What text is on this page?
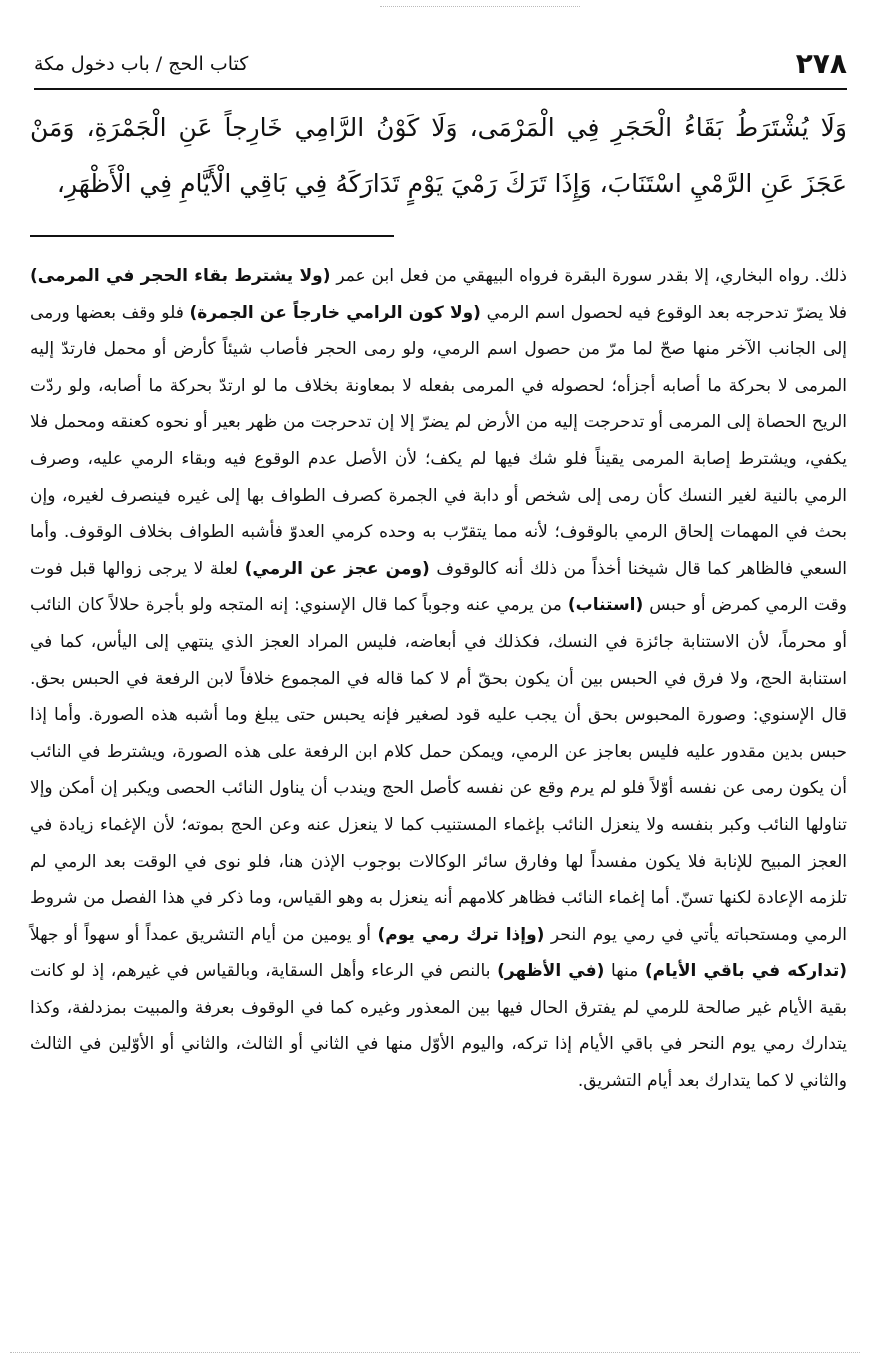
٢٧٨
كتاب الحج / باب دخول مكة
وَلَا يُشْتَرَطُ بَقَاءُ الْحَجَرِ فِي الْمَرْمَى، وَلَا كَوْنُ الرَّامِي خَارِجاً عَنِ الْجَمْرَةِ، وَمَنْ عَجَزَ عَنِ الرَّمْيِ اسْتَنَابَ، وَإِذَا تَرَكَ رَمْيَ يَوْمٍ تَدَارَكَهُ فِي بَاقِي الْأَيَّامِ فِي الْأَظْهَرِ،
ذلك. رواه البخاري، إلا بقدر سورة البقرة فرواه البيهقي من فعل ابن عمر (ولا يشترط بقاء الحجر في المرمى) فلا يضرّ تدحرجه بعد الوقوع فيه لحصول اسم الرمي (ولا كون الرامي خارجاً عن الجمرة) فلو وقف بعضها ورمى إلى الجانب الآخر منها صحّ لما مرّ من حصول اسم الرمي، ولو رمى الحجر فأصاب شيئاً كأرض أو محمل فارتدّ إليه المرمى لا بحركة ما أصابه أجزأه؛ لحصوله في المرمى بفعله لا بمعاونة بخلاف ما لو ارتدّ بحركة ما أصابه، ولو ردّت الريح الحصاة إلى المرمى أو تدحرجت إليه من الأرض لم يضرّ إلا إن تدحرجت من ظهر بعير أو نحوه كعنقه ومحمل فلا يكفي، ويشترط إصابة المرمى يقيناً فلو شك فيها لم يكف؛ لأن الأصل عدم الوقوع فيه وبقاء الرمي عليه، وصرف الرمي بالنية لغير النسك كأن رمى إلى شخص أو دابة في الجمرة كصرف الطواف بها إلى غيره فينصرف لغيره، وإن بحث في المهمات إلحاق الرمي بالوقوف؛ لأنه مما يتقرّب به وحده كرمي العدوّ فأشبه الطواف بخلاف الوقوف. وأما السعي فالظاهر كما قال شيخنا أخذاً من ذلك أنه كالوقوف (ومن عجز عن الرمي) لعلة لا يرجى زوالها قبل فوت وقت الرمي كمرض أو حبس (استناب) من يرمي عنه وجوباً كما قال الإسنوي: إنه المتجه ولو بأجرة حلالاً كان النائب أو محرماً، لأن الاستنابة جائزة في النسك، فكذلك في أبعاضه، فليس المراد العجز الذي ينتهي إلى اليأس، كما في استنابة الحج، ولا فرق في الحبس بين أن يكون بحقّ أم لا كما قاله في المجموع خلافاً لابن الرفعة في الحبس بحق. قال الإسنوي: وصورة المحبوس بحق أن يجب عليه قود لصغير فإنه يحبس حتى يبلغ وما أشبه هذه الصورة. وأما إذا حبس بدين مقدور عليه فليس بعاجز عن الرمي، ويمكن حمل كلام ابن الرفعة على هذه الصورة، ويشترط في النائب أن يكون رمى عن نفسه أوّلاً فلو لم يرم وقع عن نفسه كأصل الحج ويندب أن يناول النائب الحصى ويكبر إن أمكن وإلا تناولها النائب وكبر بنفسه ولا ينعزل النائب بإغماء المستنيب كما لا ينعزل عنه وعن الحج بموته؛ لأن الإغماء زيادة في العجز المبيح للإنابة فلا يكون مفسداً لها وفارق سائر الوكالات بوجوب الإذن هنا، فلو نوى في الوقت بعد الرمي لم تلزمه الإعادة لكنها تسنّ. أما إغماء النائب فظاهر كلامهم أنه ينعزل به وهو القياس، وما ذكر في هذا الفصل من شروط الرمي ومستحباته يأتي في رمي يوم النحر (وإذا ترك رمي يوم) أو يومين من أيام التشريق عمداً أو سهواً أو جهلاً (تداركه في باقي الأيام) منها (في الأظهر) بالنص في الرعاء وأهل السقاية، وبالقياس في غيرهم، إذ لو كانت بقية الأيام غير صالحة للرمي لم يفترق الحال فيها بين المعذور وغيره كما في الوقوف بعرفة والمبيت بمزدلفة، وكذا يتدارك رمي يوم النحر في باقي الأيام إذا تركه، واليوم الأوّل منها في الثاني أو الثالث، والثاني أو الأوّلين في الثالث والثاني لا كما يتدارك بعد أيام التشريق.
